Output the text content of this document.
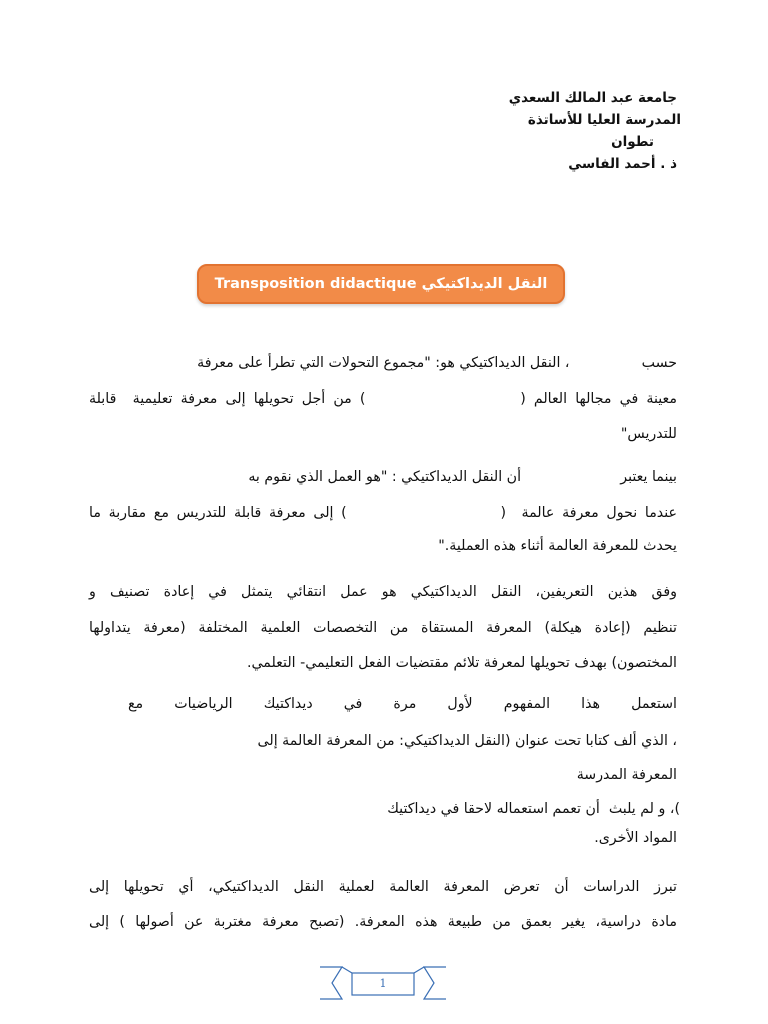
جامعة عبد المالك السعدي
المدرسة العليا للأساتذة
تطوان
ذ . أحمد الفاسي
النقل الديداكتيكي Transposition didactique
حسب                ، النقل الديداكتيكي هو: "مجموع التحولات التي تطرأ على معرفة
معينة في مجالها العالم (                   ) من أجل تحويلها إلى معرفة تعليمية  قابلة
للتدريس"
بينما يعتبر                      أن النقل الديداكتيكي : "هو العمل الذي نقوم به
عندما نحول معرفة عالمة  (                    ) إلى معرفة قابلة للتدريس مع مقاربة ما
يحدث للمعرفة العالمة أثناء هذه العملية."
وفق هذين التعريفين، النقل الديداكتيكي هو عمل انتقائي يتمثل في إعادة تصنيف و
تنظيم (إعادة هيكلة) المعرفة المستقاة من التخصصات العلمية المختلفة (معرفة يتداولها
المختصون) بهدف تحويلها لمعرفة تلائم مقتضيات الفعل التعليمي- التعلمي.
استعمل هذا المفهوم لأول مرة في ديداكتيك الرياضيات مع
، الذي ألف كتابا تحت عنوان (النقل الديداكتيكي: من المعرفة العالمة إلى
المعرفة المدرسة
)، و لم يلبث  أن تعمم استعماله لاحقا في ديداكتيك
المواد الأخرى.
تبرز الدراسات أن تعرض المعرفة العالمة لعملية النقل الديداكتيكي، أي تحويلها إلى
مادة دراسية، يغير بعمق من طبيعة هذه المعرفة. (تصبح معرفة مغتربة عن أصولها ) إلى
1
